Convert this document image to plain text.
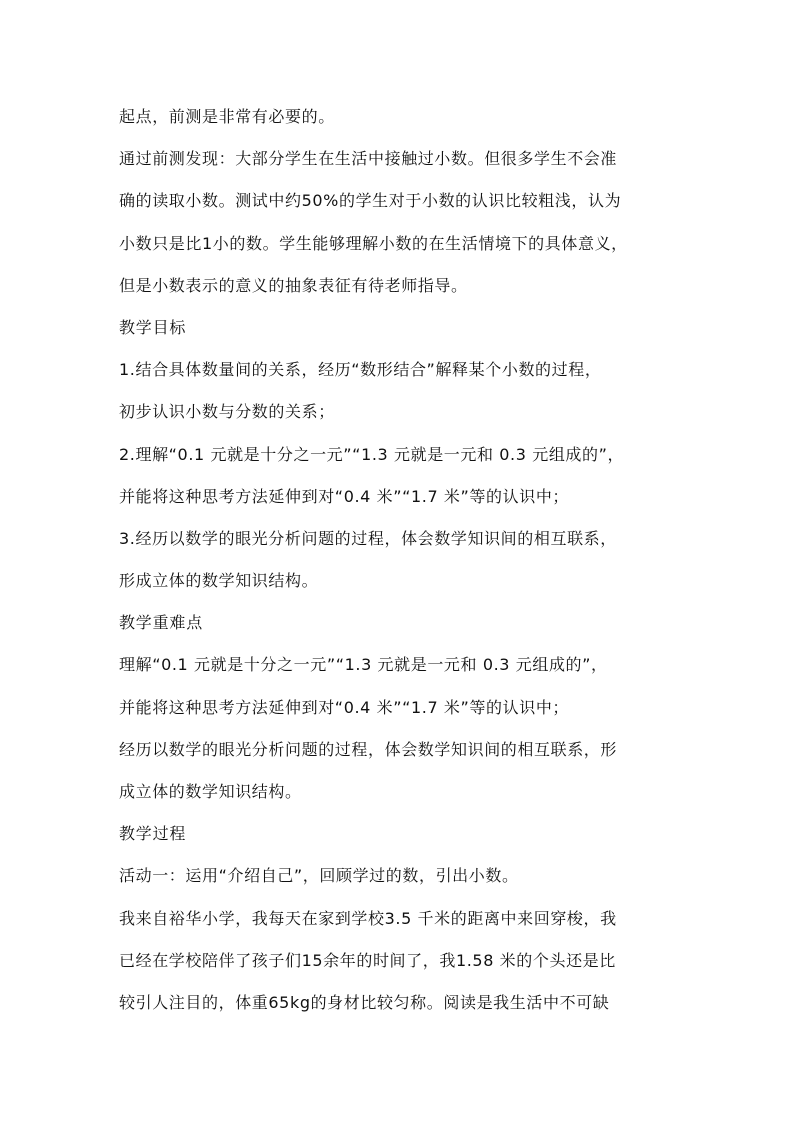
起点，前测是非常有必要的。
通过前测发现：大部分学生在生活中接触过小数。但很多学生不会准
确的读取小数。测试中约50%的学生对于小数的认识比较粗浅，认为
小数只是比1小的数。学生能够理解小数的在生活情境下的具体意义，
但是小数表示的意义的抽象表征有待老师指导。
教学目标
1.结合具体数量间的关系，经历“数形结合”解释某个小数的过程，
初步认识小数与分数的关系；
2.理解“0.1 元就是十分之一元”“1.3 元就是一元和 0.3 元组成的”，
并能将这种思考方法延伸到对“0.4 米”“1.7 米”等的认识中；
3.经历以数学的眼光分析问题的过程，体会数学知识间的相互联系，
形成立体的数学知识结构。
教学重难点
理解“0.1 元就是十分之一元”“1.3 元就是一元和 0.3 元组成的”，
并能将这种思考方法延伸到对“0.4 米”“1.7 米”等的认识中；
经历以数学的眼光分析问题的过程，体会数学知识间的相互联系，形
成立体的数学知识结构。
教学过程
活动一：运用“介绍自己”，回顾学过的数，引出小数。
我来自裕华小学，我每天在家到学校3.5 千米的距离中来回穿梭，我
已经在学校陪伴了孩子们15余年的时间了，我1.58 米的个头还是比
较引人注目的，体重65kg的身材比较匀称。阅读是我生活中不可缺
